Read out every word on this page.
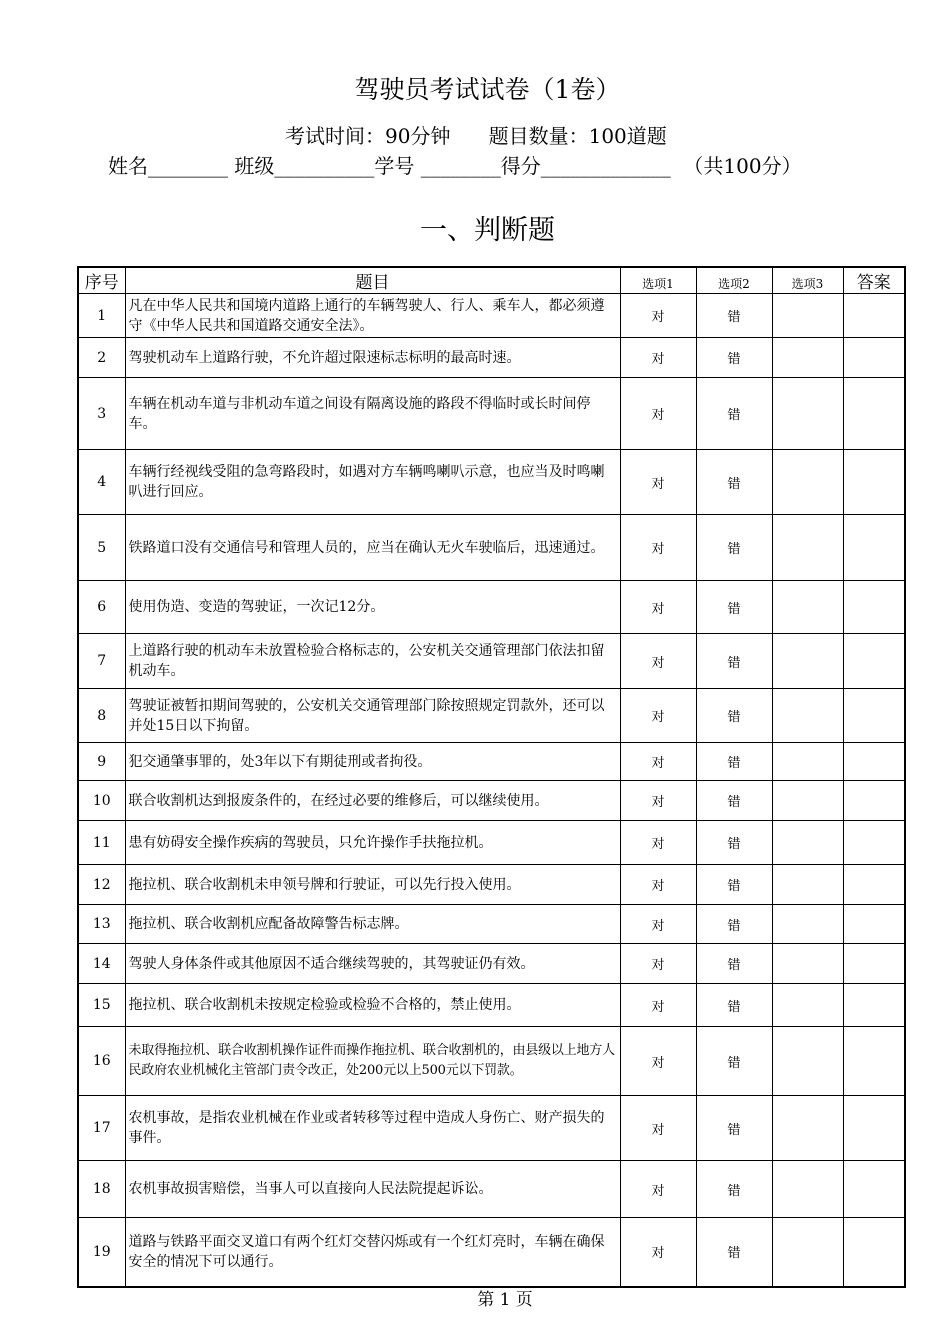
驾驶员考试试卷（1卷）
考试时间：90分钟      题目数量：100道题
姓名________ 班级__________学号 ________得分_____________  （共100分）
一、判断题
序号	题目	选项1	选项2	选项3	答案
1	凡在中华人民共和国境内道路上通行的车辆驾驶人、行人、乘车人，都必须遵守《中华人民共和国道路交通安全法》。	对	错		
2	驾驶机动车上道路行驶，不允许超过限速标志标明的最高时速。	对	错		
3	车辆在机动车道与非机动车道之间设有隔离设施的路段不得临时或长时间停车。	对	错		
4	车辆行经视线受阻的急弯路段时，如遇对方车辆鸣喇叭示意，也应当及时鸣喇叭进行回应。	对	错		
5	铁路道口没有交通信号和管理人员的，应当在确认无火车驶临后，迅速通过。	对	错		
6	使用伪造、变造的驾驶证，一次记12分。	对	错		
7	上道路行驶的机动车未放置检验合格标志的，公安机关交通管理部门依法扣留机动车。	对	错		
8	驾驶证被暂扣期间驾驶的，公安机关交通管理部门除按照规定罚款外，还可以并处15日以下拘留。	对	错		
9	犯交通肇事罪的，处3年以下有期徒刑或者拘役。	对	错		
10	联合收割机达到报废条件的，在经过必要的维修后，可以继续使用。	对	错		
11	患有妨碍安全操作疾病的驾驶员，只允许操作手扶拖拉机。	对	错		
12	拖拉机、联合收割机未申领号牌和行驶证，可以先行投入使用。	对	错		
13	拖拉机、联合收割机应配备故障警告标志牌。	对	错		
14	驾驶人身体条件或其他原因不适合继续驾驶的，其驾驶证仍有效。	对	错		
15	拖拉机、联合收割机未按规定检验或检验不合格的，禁止使用。	对	错		
16	未取得拖拉机、联合收割机操作证件而操作拖拉机、联合收割机的，由县级以上地方人民政府农业机械化主管部门责令改正，处200元以上500元以下罚款。	对	错		
17	农机事故，是指农业机械在作业或者转移等过程中造成人身伤亡、财产损失的事件。	对	错		
18	农机事故损害赔偿，当事人可以直接向人民法院提起诉讼。	对	错		
19	道路与铁路平面交叉道口有两个红灯交替闪烁或有一个红灯亮时，车辆在确保安全的情况下可以通行。	对	错		
第 1 页
